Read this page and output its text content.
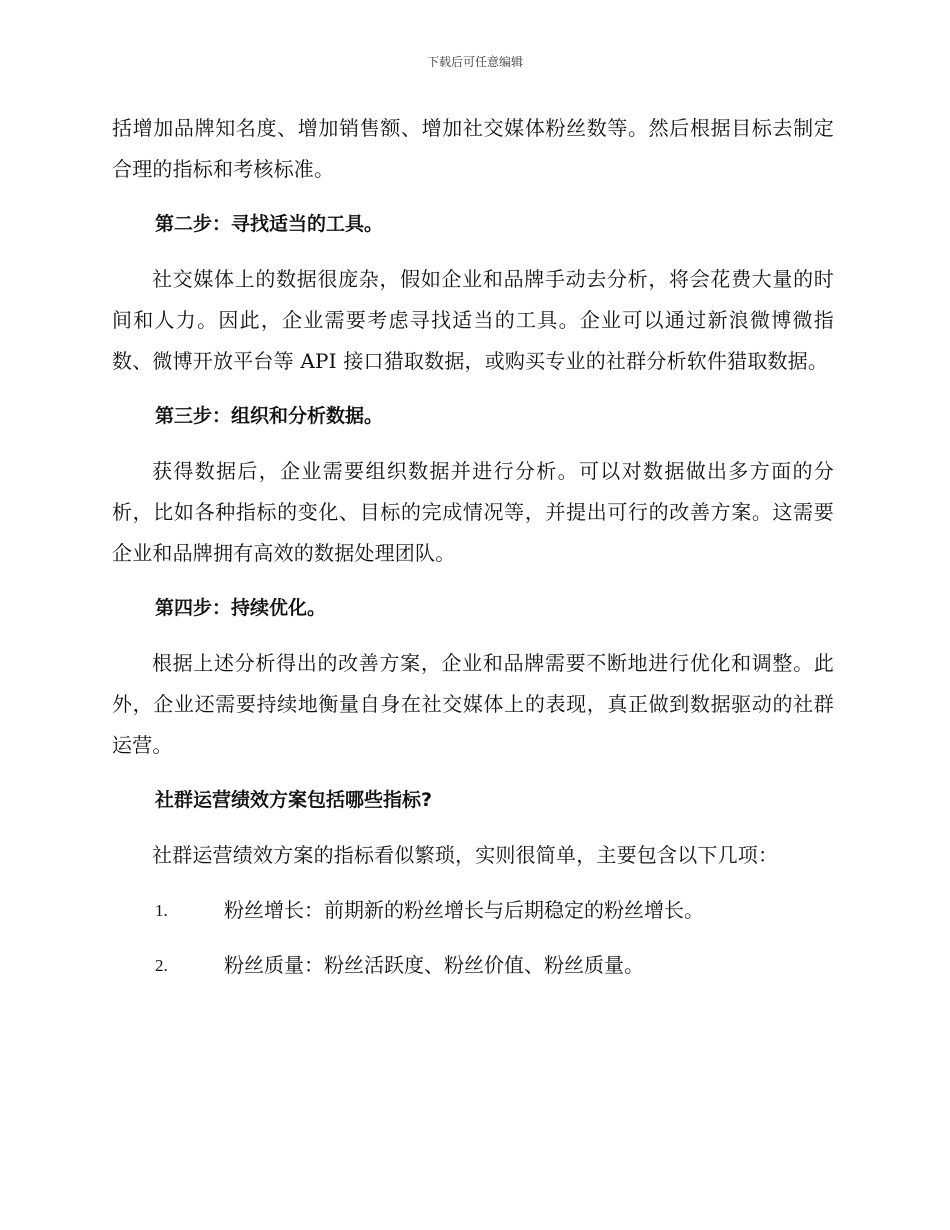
下载后可任意编辑

括增加品牌知名度、增加销售额、增加社交媒体粉丝数等。然后根据目标去制定合理的指标和考核标准。

第二步：寻找适当的工具。

社交媒体上的数据很庞杂，假如企业和品牌手动去分析，将会花费大量的时间和人力。因此，企业需要考虑寻找适当的工具。企业可以通过新浪微博微指数、微博开放平台等 API 接口猎取数据，或购买专业的社群分析软件猎取数据。

第三步：组织和分析数据。

获得数据后，企业需要组织数据并进行分析。可以对数据做出多方面的分析，比如各种指标的变化、目标的完成情况等，并提出可行的改善方案。这需要企业和品牌拥有高效的数据处理团队。

第四步：持续优化。

根据上述分析得出的改善方案，企业和品牌需要不断地进行优化和调整。此外，企业还需要持续地衡量自身在社交媒体上的表现，真正做到数据驱动的社群运营。

社群运营绩效方案包括哪些指标?

社群运营绩效方案的指标看似繁琐，实则很简单，主要包含以下几项：

1.	粉丝增长：前期新的粉丝增长与后期稳定的粉丝增长。
2.	粉丝质量：粉丝活跃度、粉丝价值、粉丝质量。
